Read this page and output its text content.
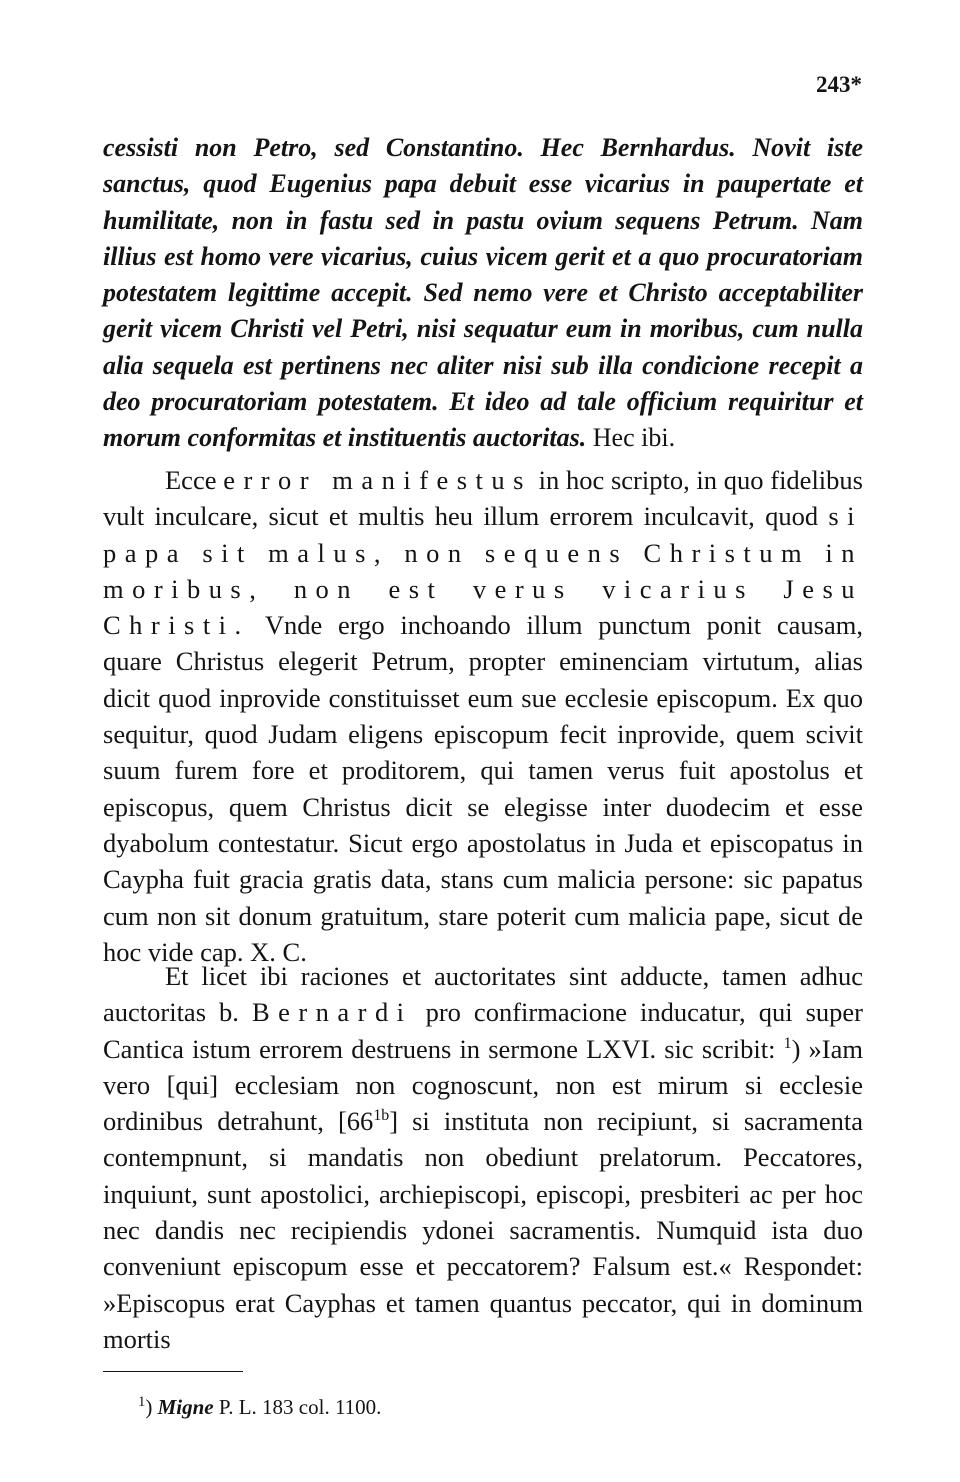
243*

cessisti non Petro, sed Constantino. Hec Bernhardus. Novit iste sanctus, quod Eugenius papa debuit esse vicarius in paupertate et humilitate, non in fastu sed in pastu ovium sequens Petrum. Nam illius est homo vere vicarius, cuius vicem gerit et a quo procuratoriam potestatem legittime accepit. Sed nemo vere et Christo acceptabiliter gerit vicem Christi vel Petri, nisi sequatur eum in moribus, cum nulla alia sequela est pertinens nec aliter nisi sub illa condicione recepit a deo procuratoriam potestatem. Et ideo ad tale officium requiritur et morum conformitas et instituentis auctoritas. Hec ibi.

Ecce error manifestus in hoc scripto, in quo fidelibus vult inculcare, sicut et multis heu illum errorem inculcavit, quod si papa sit malus, non sequens Christum in moribus, non est verus vicarius Jesu Christi. Vnde ergo inchoando illum punctum ponit causam, quare Christus elegerit Petrum, propter eminenciam virtutum, alias dicit quod inprovide constituisset eum sue ecclesie episcopum. Ex quo sequitur, quod Judam eligens episcopum fecit inprovide, quem scivit suum furem fore et proditorem, qui tamen verus fuit apostolus et episcopus, quem Christus dicit se elegisse inter duodecim et esse dyabolum contestatur. Sicut ergo apostolatus in Juda et episcopatus in Caypha fuit gracia gratis data, stans cum malicia persone: sic papatus cum non sit donum gratuitum, stare poterit cum malicia pape, sicut de hoc vide cap. X. C.

Et licet ibi raciones et auctoritates sint adducte, tamen adhuc auctoritas b. Bernardi pro confirmacione inducatur, qui super Cantica istum errorem destruens in sermone LXVI. sic scribit: $^1$) »Iam vero [qui] ecclesiam non cognoscunt, non est mirum si ecclesie ordinibus detrahunt, $[66^{1b}]$ si instituta non recipiunt, si sacramenta contempnunt, si mandatis non obediunt prelatorum. Peccatores, inquiunt, sunt apostolici, archiepiscopi, episcopi, presbiteri ac per hoc nec dandis nec recipiendis ydonei sacramentis. Numquid ista duo conveniunt episcopum esse et peccatorem? Falsum est.« Respondet: »Episcopus erat Cayphas et tamen quantus peccator, qui in dominum mortis

$^1$) Migne P. L. 183 col. 1100.
